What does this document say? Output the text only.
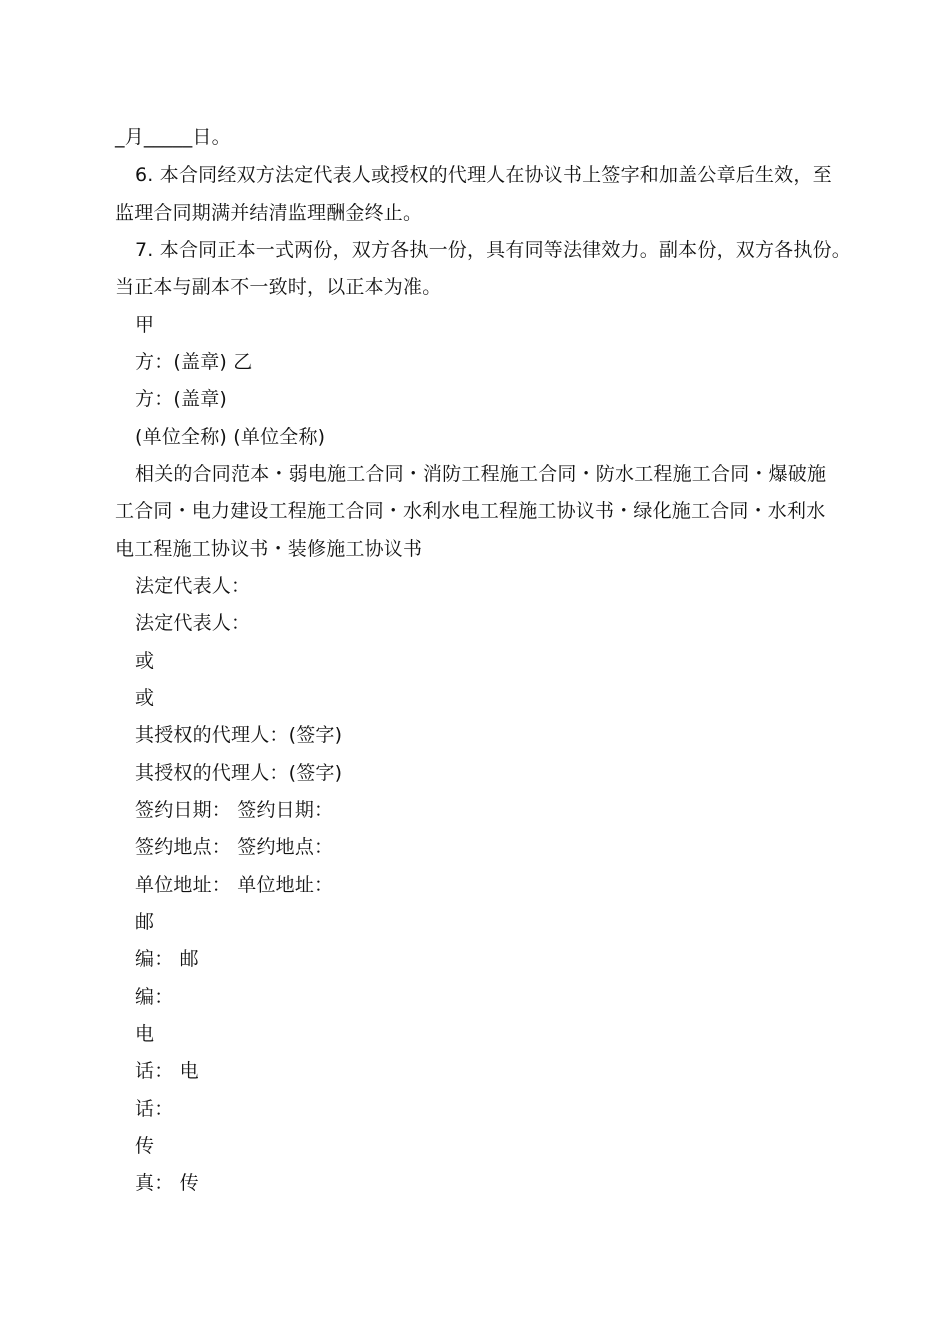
_月_____日。
6. 本合同经双方法定代表人或授权的代理人在协议书上签字和加盖公章后生效，至
监理合同期满并结清监理酬金终止。
7. 本合同正本一式两份，双方各执一份，具有同等法律效力。副本份，双方各执份。
当正本与副本不一致时，以正本为准。
甲
方：(盖章) 乙
方：(盖章)
(单位全称) (单位全称)
相关的合同范本・弱电施工合同・消防工程施工合同・防水工程施工合同・爆破施
工合同・电力建设工程施工合同・水利水电工程施工协议书・绿化施工合同・水利水
电工程施工协议书・装修施工协议书
法定代表人：
法定代表人：
或
或
其授权的代理人：(签字)
其授权的代理人：(签字)
签约日期： 签约日期：
签约地点： 签约地点：
单位地址： 单位地址：
邮
编： 邮
编：
电
话： 电
话：
传
真： 传
